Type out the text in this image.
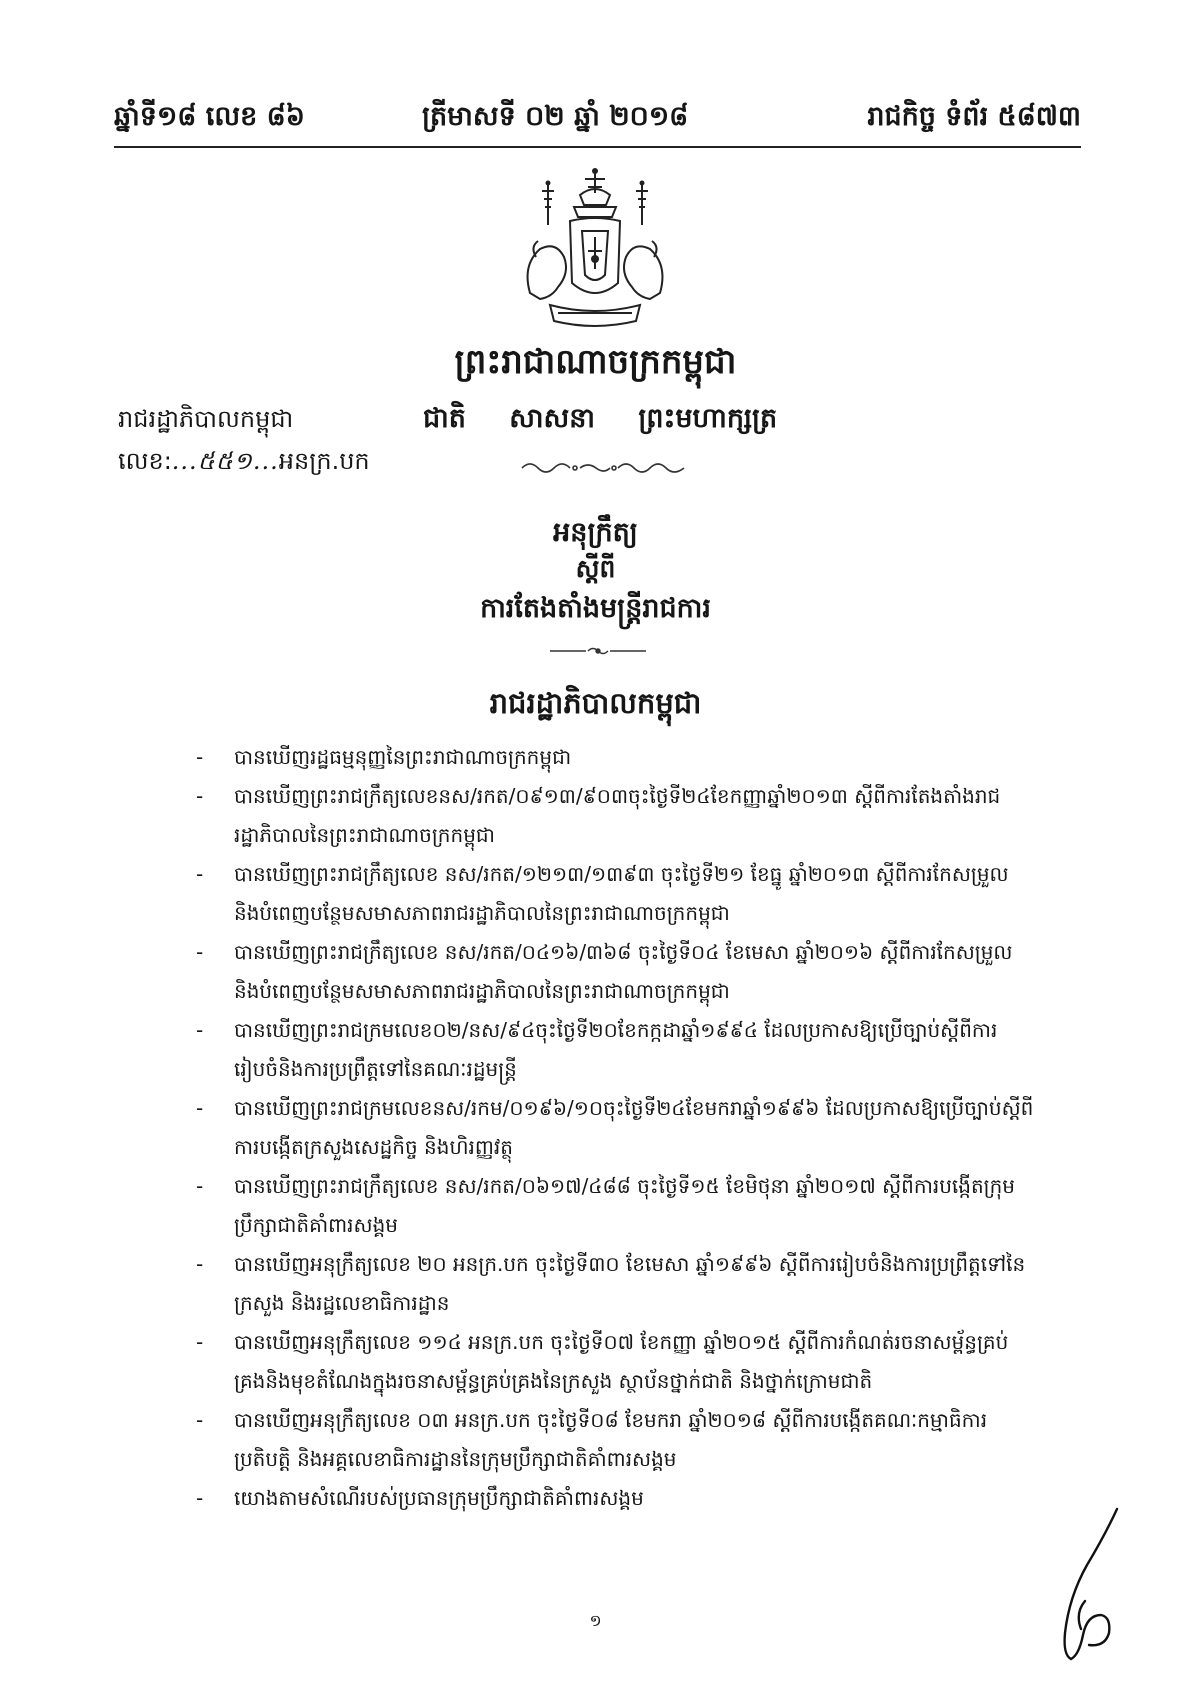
ឆ្នាំទី១៨ លេខ ៨៦	ត្រីមាសទី ០២ ឆ្នាំ ២០១៨	រាជកិច្ច ទំព័រ ៥៨៧៣
ព្រះរាជាណាចក្រកម្ពុជា
រាជរដ្ឋាភិបាលកម្ពុជា	ជាតិ សាសនា ព្រះមហាក្សត្រ
លេខ:...៥៥១...អនក្រ.បក
អនុក្រឹត្យ
ស្តីពី
ការតែងតាំងមន្ត្រីរាជការ
រាជរដ្ឋាភិបាលកម្ពុជា
- បានឃើញរដ្ឋធម្មនុញ្ញនៃព្រះរាជាណាចក្រកម្ពុជា
- បានឃើញព្រះរាជក្រឹត្យលេខនស/រកត/០៩១៣/៩០៣ចុះថ្ងៃទី២៤ខែកញ្ញាឆ្នាំ២០១៣ ស្តីពីការតែងតាំងរាជរដ្ឋាភិបាលនៃព្រះរាជាណាចក្រកម្ពុជា
- បានឃើញព្រះរាជក្រឹត្យលេខ នស/រកត/១២១៣/១៣៩៣ ចុះថ្ងៃទី២១ ខែធ្នូ ឆ្នាំ២០១៣ ស្តីពីការកែសម្រួល និងបំពេញបន្ថែមសមាសភាពរាជរដ្ឋាភិបាលនៃព្រះរាជាណាចក្រកម្ពុជា
- បានឃើញព្រះរាជក្រឹត្យលេខ នស/រកត/០៤១៦/៣៦៨ ចុះថ្ងៃទី០៤ ខែមេសា ឆ្នាំ២០១៦ ស្តីពីការកែសម្រួល និងបំពេញបន្ថែមសមាសភាពរាជរដ្ឋាភិបាលនៃព្រះរាជាណាចក្រកម្ពុជា
- បានឃើញព្រះរាជក្រមលេខ០២/នស/៩៤ចុះថ្ងៃទី២០ខែកក្កដាឆ្នាំ១៩៩៤ ដែលប្រកាសឱ្យប្រើច្បាប់ស្តីពីការរៀបចំនិងការប្រព្រឹត្តទៅនៃគណៈរដ្ឋមន្ត្រី
- បានឃើញព្រះរាជក្រមលេខនស/រកម/០១៩៦/១០ចុះថ្ងៃទី២៤ខែមករាឆ្នាំ១៩៩៦ ដែលប្រកាសឱ្យប្រើច្បាប់ស្តីពីការបង្កើតក្រសួងសេដ្ឋកិច្ច និងហិរញ្ញវត្ថុ
- បានឃើញព្រះរាជក្រឹត្យលេខ នស/រកត/០៦១៧/៤៨៨ ចុះថ្ងៃទី១៥ ខែមិថុនា ឆ្នាំ២០១៧ ស្តីពីការបង្កើតក្រុមប្រឹក្សាជាតិគាំពារសង្គម
- បានឃើញអនុក្រឹត្យលេខ ២០ អនក្រ.បក ចុះថ្ងៃទី៣០ ខែមេសា ឆ្នាំ១៩៩៦ ស្តីពីការរៀបចំនិងការប្រព្រឹត្តទៅនៃក្រសួង និងរដ្ឋលេខាធិការដ្ឋាន
- បានឃើញអនុក្រឹត្យលេខ ១១៤ អនក្រ.បក ចុះថ្ងៃទី០៧ ខែកញ្ញា ឆ្នាំ២០១៥ ស្តីពីការកំណត់រចនាសម្ព័ន្ធគ្រប់គ្រងនិងមុខតំណែងក្នុងរចនាសម្ព័ន្ធគ្រប់គ្រងនៃក្រសួង ស្ថាប័នថ្នាក់ជាតិ និងថ្នាក់ក្រោមជាតិ
- បានឃើញអនុក្រឹត្យលេខ ០៣ អនក្រ.បក ចុះថ្ងៃទី០៨ ខែមករា ឆ្នាំ២០១៨ ស្តីពីការបង្កើតគណៈកម្មាធិការប្រតិបត្តិ និងអគ្គលេខាធិការដ្ឋាននៃក្រុមប្រឹក្សាជាតិគាំពារសង្គម
- យោងតាមសំណើរបស់ប្រធានក្រុមប្រឹក្សាជាតិគាំពារសង្គម
១
